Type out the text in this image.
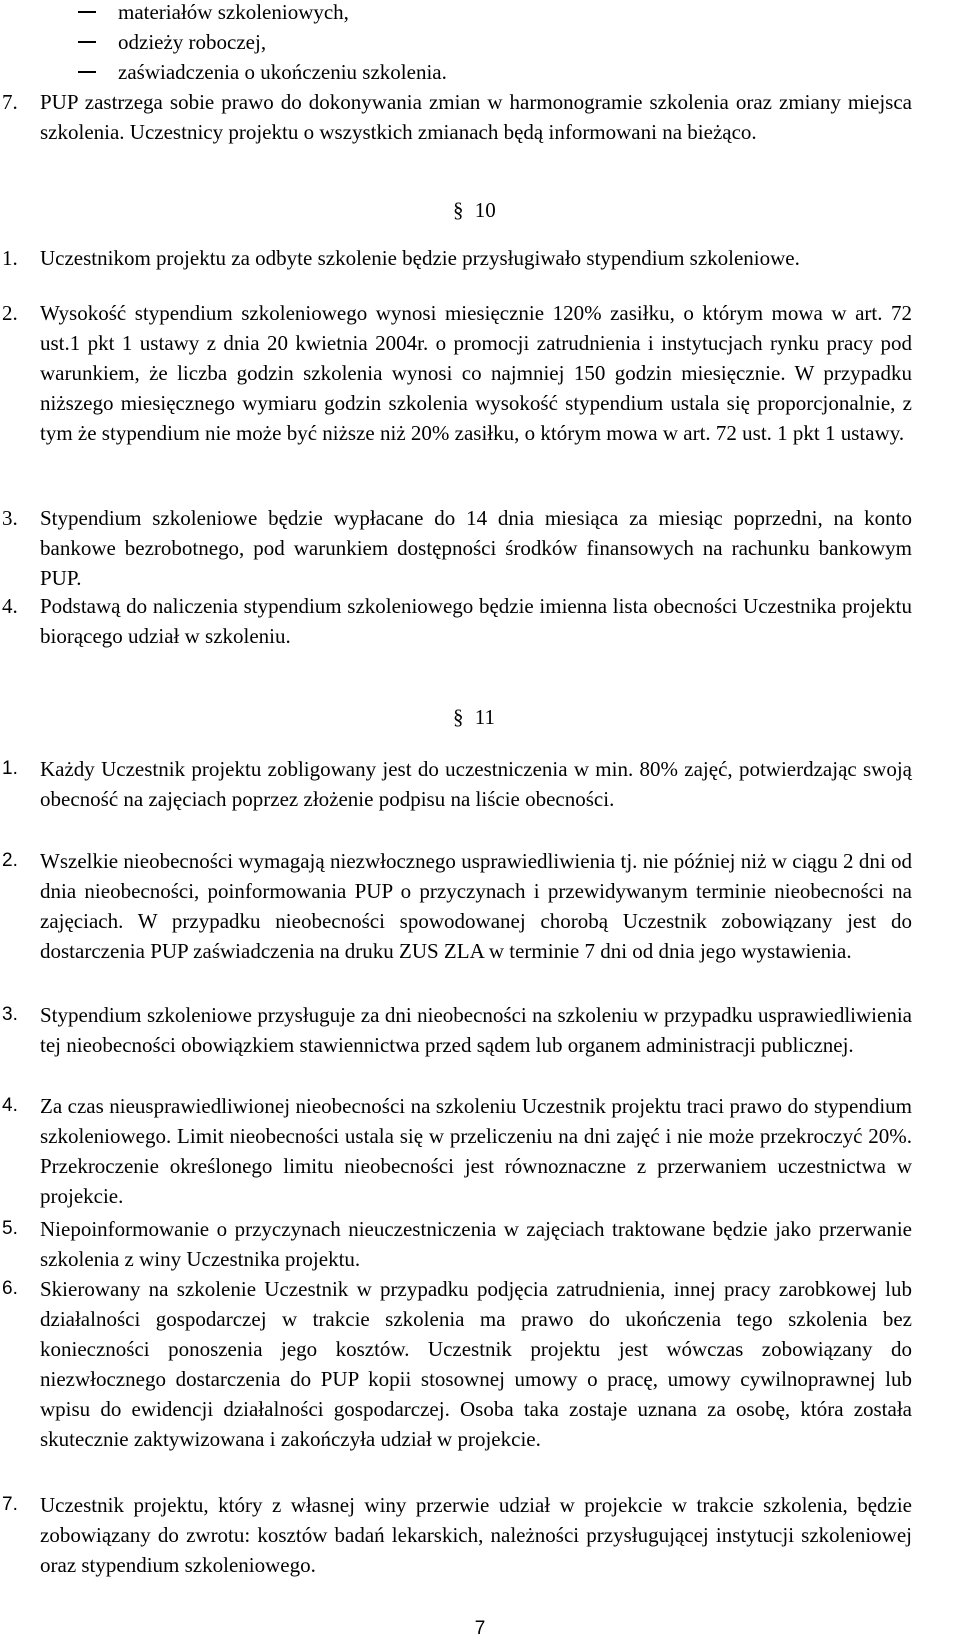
materiałów szkoleniowych,
odzieży roboczej,
zaświadczenia o ukończeniu szkolenia.
7.	PUP zastrzega sobie prawo do dokonywania zmian w harmonogramie szkolenia oraz zmiany miejsca szkolenia. Uczestnicy projektu o wszystkich zmianach będą informowani na bieżąco.
§ 10
1.	Uczestnikom projektu za odbyte szkolenie będzie przysługiwało stypendium szkoleniowe.
2.	Wysokość stypendium szkoleniowego wynosi miesięcznie 120% zasiłku, o którym mowa w art. 72 ust.1 pkt 1 ustawy z dnia 20 kwietnia 2004r. o promocji zatrudnienia i instytucjach rynku pracy pod warunkiem, że liczba godzin szkolenia wynosi co najmniej 150 godzin miesięcznie. W przypadku niższego miesięcznego wymiaru godzin szkolenia wysokość stypendium ustala się proporcjonalnie, z tym że stypendium nie może być niższe niż 20% zasiłku, o którym mowa w art. 72 ust. 1 pkt 1 ustawy.
3.	Stypendium szkoleniowe będzie wypłacane do 14 dnia miesiąca za miesiąc poprzedni, na konto bankowe bezrobotnego, pod warunkiem dostępności środków finansowych na rachunku bankowym PUP.
4.	Podstawą do naliczenia stypendium szkoleniowego będzie imienna lista obecności Uczestnika projektu biorącego udział w szkoleniu.
§ 11
1.	Każdy Uczestnik projektu zobligowany jest do uczestniczenia w min. 80% zajęć, potwierdzając swoją obecność na zajęciach poprzez złożenie podpisu na liście obecności.
2.	Wszelkie nieobecności wymagają niezwłocznego usprawiedliwienia tj. nie później niż w ciągu 2 dni od dnia nieobecności, poinformowania PUP o przyczynach i przewidywanym terminie nieobecności na zajęciach. W przypadku nieobecności spowodowanej chorobą Uczestnik zobowiązany jest do dostarczenia PUP zaświadczenia na druku ZUS ZLA w terminie 7 dni od dnia jego wystawienia.
3.	Stypendium szkoleniowe przysługuje za dni nieobecności na szkoleniu w przypadku usprawiedliwienia tej nieobecności obowiązkiem stawiennictwa przed sądem lub organem administracji publicznej.
4.	Za czas nieusprawiedliwionej nieobecności na szkoleniu Uczestnik projektu traci prawo do stypendium szkoleniowego. Limit nieobecności ustala się w przeliczeniu na dni zajęć i nie może przekroczyć 20%. Przekroczenie określonego limitu nieobecności jest równoznaczne z przerwaniem uczestnictwa w projekcie.
5.	Niepoinformowanie o przyczynach nieuczestniczenia w zajęciach traktowane będzie jako przerwanie szkolenia z winy Uczestnika projektu.
6.	Skierowany na szkolenie Uczestnik w przypadku podjęcia zatrudnienia, innej pracy zarobkowej lub działalności gospodarczej w trakcie szkolenia ma prawo do ukończenia tego szkolenia bez konieczności ponoszenia jego kosztów. Uczestnik projektu jest wówczas zobowiązany do niezwłocznego dostarczenia do PUP kopii stosownej umowy o pracę, umowy cywilnoprawnej lub wpisu do ewidencji działalności gospodarczej. Osoba taka zostaje uznana za osobę, która została skutecznie zaktywizowana i zakończyła udział w projekcie.
7.	Uczestnik projektu, który z własnej winy przerwie udział w projekcie w trakcie szkolenia, będzie zobowiązany do zwrotu: kosztów badań lekarskich, należności przysługującej instytucji szkoleniowej oraz stypendium szkoleniowego.
7
